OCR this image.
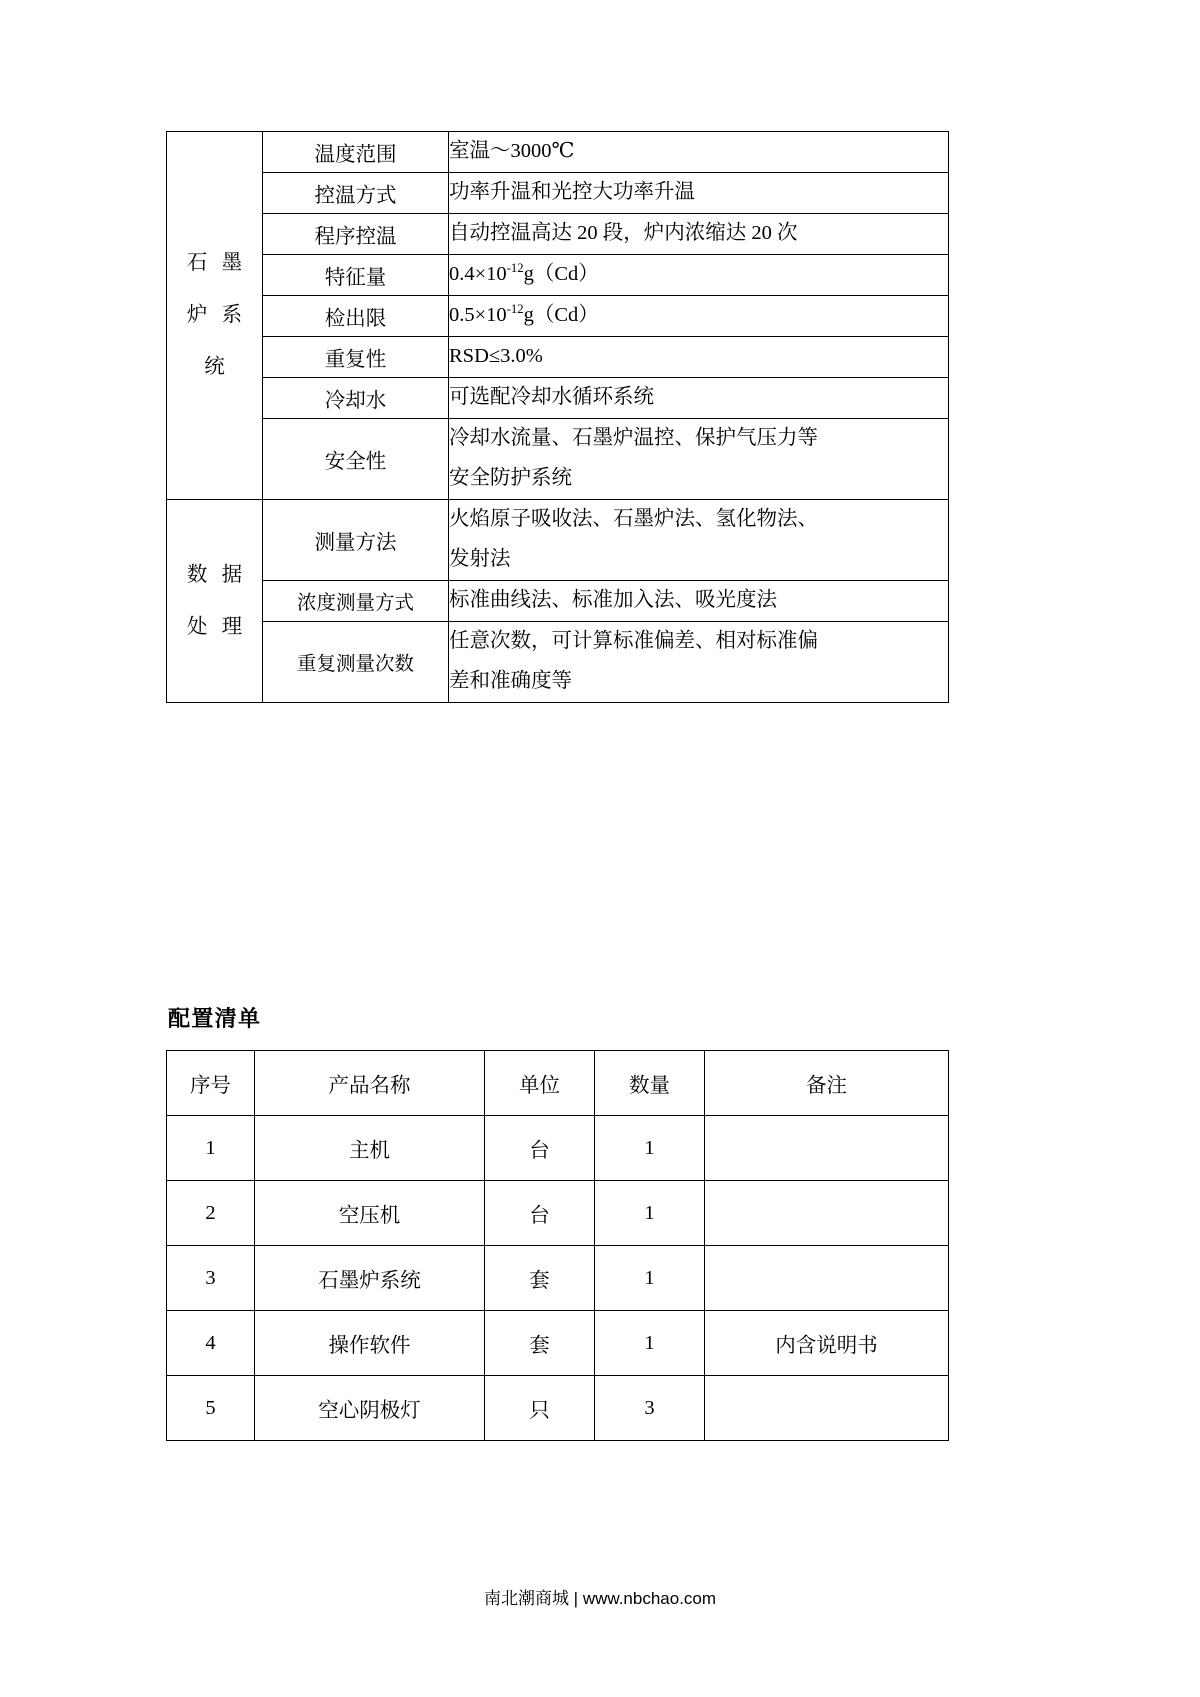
石 墨
炉 系
统	温度范围	室温～3000℃

	控温方式	功率升温和光控大功率升温

	程序控温	自动控温高达 20 段，炉内浓缩达 20 次

	特征量	$0.4\times 10^{-12}g(Cd)$

	检出限	$0.5\times 10^{-12}g(Cd)$

	重复性	RSD≤3.0%

	冷却水	可选配冷却水循环系统

	安全性	冷却水流量、石墨炉温控、保护气压力等
安全防护系统

数 据
处 理	测量方法	火焰原子吸收法、石墨炉法、氢化物法、
发射法

	浓度测量方式	标准曲线法、标准加入法、吸光度法

	重复测量次数	任意次数，可计算标准偏差、相对标准偏
差和准确度等
配置清单
序号	产品名称	单位	数量	备注
1	主机	台	1	
2	空压机	台	1	
3	石墨炉系统	套	1	
4	操作软件	套	1	内含说明书
5	空心阴极灯	只	3	
南北潮商城 | www.nbchao.com
